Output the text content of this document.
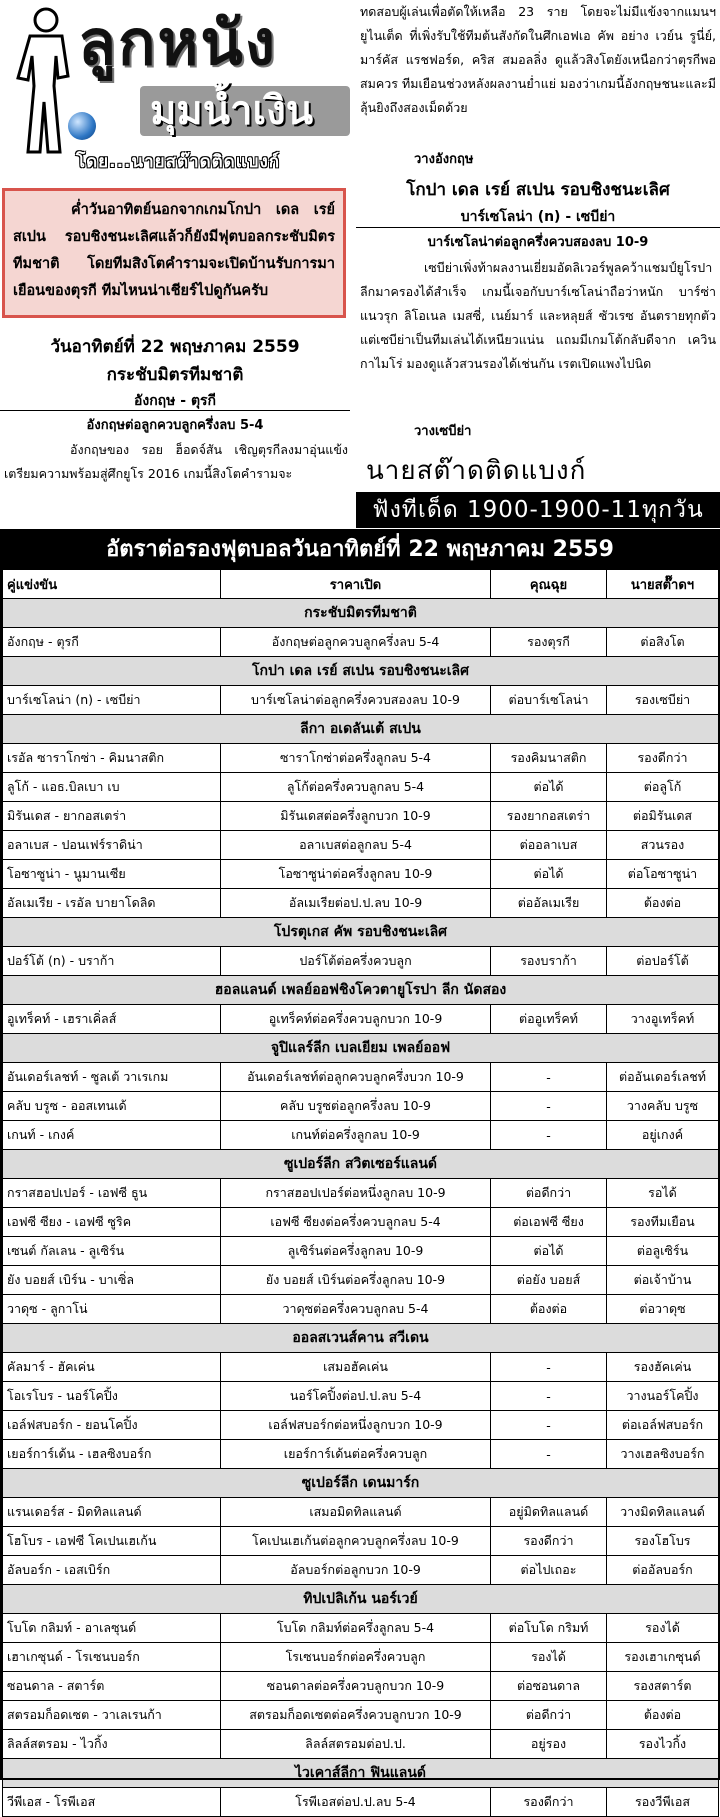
ลูกหนัง
มุมน้ำเงิน
โดย...นายสต๊าดติดแบงก์

ค่ำวันอาทิตย์นอกจากเกมโกปา เดล เรย์ สเปน รอบชิงชนะเลิศแล้วก็ยังมีฟุตบอลกระชับมิตรทีมชาติ โดยทีมสิงโตคำรามจะเปิดบ้านรับการมาเยือนของตุรกี ทีมไหนน่าเชียร์ไปดูกันครับ

วันอาทิตย์ที่ 22 พฤษภาคม 2559
กระชับมิตรทีมชาติ
อังกฤษ - ตุรกี
อังกฤษต่อลูกควบลูกครึ่งลบ 5-4

อังกฤษของ รอย ฮ็อดจ์สัน เชิญตุรกีลงมาอุ่นแข้งเตรียมความพร้อมสู่ศึกยูโร 2016 เกมนี้สิงโตคำรามจะ

ทดสอบผู้เล่นเพื่อตัดให้เหลือ 23 ราย โดยจะไม่มีแข้งจากแมนฯ ยูไนเต็ด ที่เพิ่งรับใช้ทีมต้นสังกัดในศึกเอฟเอ คัพ อย่าง เวย์น รูนี่ย์, มาร์คัส แรชฟอร์ด, คริส สมอลลิ่ง ดูแล้วสิงโตยังเหนือกว่าตุรกีพอสมควร ทีมเยือนช่วงหลังผลงานย่ำแย่ มองว่าเกมนี้อังกฤษชนะและมีลุ้นยิงถึงสองเม็ดด้วย

วางอังกฤษ
โกปา เดล เรย์ สเปน รอบชิงชนะเลิศ
บาร์เซโลน่า (n) - เซบีย่า
บาร์เซโลน่าต่อลูกครึ่งควบสองลบ 10-9

เซบีย่าเพิ่งท้าผลงานเยี่ยมอัดลิเวอร์พูลคว้าแชมป์ยูโรปา ลีกมาครองได้สำเร็จ เกมนี้เจอกับบาร์เซโลน่าถือว่าหนัก บาร์ซ่าแนวรุก ลิโอเนล เมสซี่, เนย์มาร์ และหลุยส์ ซัวเรซ อันตรายทุกตัว แต่เซบีย่าเป็นทีมเล่นได้เหนียวแน่น แถมมีเกมโต้กลับดีจาก เควิน กาไมโร่ มองดูแล้วสวนรองได้เช่นกัน เรตเปิดแพงไปนิด

วางเซบีย่า
นายสต๊าดติดแบงก์
ฟังทีเด็ด 1900-1900-11ทุกวัน
อัตราต่อรองฟุตบอลวันอาทิตย์ที่ 22 พฤษภาคม 2559
คู่แข่งขัน	ราคาเปิด	คุณฉุย	นายสต๊๊าดฯ
กระชับมิตรทีมชาติ			
อังกฤษ - ตุรกี	อังกฤษต่อลูกควบลูกครึ่งลบ 5-4	รองตุรกี	ต่อสิงโต
โกปา เดล เรย์ สเปน รอบชิงชนะเลิศ			
บาร์เซโลน่า (n) - เซบีย่า	บาร์เซโลน่าต่อลูกครึ่งควบสองลบ 10-9	ต่อบาร์เซโลน่า	รองเซบีย่า
ลีกา อเดลันเต้ สเปน			
เรอัล ซาราโกซ่า - คิมนาสติก	ซาราโกซ่าต่อครึ่งลูกลบ 5-4	รองคิมนาสติก	รองดีกว่า
ลูโก้ - แอธ.บิลเบา เบ	ลูโก้ต่อครึ่งควบลูกลบ 5-4	ต่อได้	ต่อลูโก้
มิรันเดส - ยากอสเตร่า	มิรันเดสต่อครึ่งลูกบวก 10-9	รองยากอสเตร่า	ต่อมิรันเดส
อลาเบส - ปอนเฟร์ราดิน่า	อลาเบสต่อลูกลบ 5-4	ต่ออลาเบส	สวนรอง
โอซาซูน่า - นูมานเซีย	โอซาซูน่าต่อครึ่งลูกลบ 10-9	ต่อได้	ต่อโอซาซูน่า
อัลเมเรีย - เรอัล บายาโดลิด	อัลเมเรียต่อป.ป.ลบ 10-9	ต่ออัลเมเรีย	ต้องต่อ
โปรตุเกส คัพ รอบชิงชนะเลิศ			
ปอร์โต้ (n) - บราก้า	ปอร์โต้ต่อครึ่งควบลูก	รองบราก้า	ต่อปอร์โต้
ฮอลแลนด์ เพลย์ออฟชิงโควตายูโรปา ลีก นัดสอง			
อูเทร็คท์ - เฮราเคิ่ลส์	อูเทร็คท์ต่อครึ่งควบลูกบวก 10-9	ต่ออูเทร็คท์	วางอูเทร็คท์
จูปิแลร์ลีก เบลเยียม เพลย์ออฟ			
อันเดอร์เลชท์ - ซูลเต้ วาเรเกม	อันเดอร์เลชท์ต่อลูกควบลูกครึ่งบวก 10-9	-	ต่ออันเดอร์เลชท์
คลับ บรูซ - ออสเทนเด้	คลับ บรูซต่อลูกครึ่งลบ 10-9	-	วางคลับ บรูซ
เกนท์ - เกงค์	เกนท์ต่อครึ่งลูกลบ 10-9	-	อยู่เกงค์
ซูเปอร์ลีก สวิตเซอร์แลนด์			
กราสฮอปเปอร์ - เอฟซี ธูน	กราสฮอปเปอร์ต่อหนึ่งลูกลบ 10-9	ต่อดีกว่า	รอได้
เอฟซี ซียง - เอฟซี ซูริค	เอฟซี ซียงต่อครึ่งควบลูกลบ 5-4	ต่อเอฟซี ซียง	รองทีมเยือน
เซนต์ กัลเลน - ลูเซิร์น	ลูเซิร์นต่อครึ่งลูกลบ 10-9	ต่อได้	ต่อลูเซิร์น
ยัง บอยส์ เบิร์น - บาเซิ่ล	ยัง บอยส์ เบิร์นต่อครึ่งลูกลบ 10-9	ต่อยัง บอยส์	ต่อเจ้าบ้าน
วาดุซ - ลูกาโน่	วาดุซต่อครึ่งควบลูกลบ 5-4	ต้องต่อ	ต่อวาดุซ
ออลสเวนส์คาน สวีเดน			
คัลมาร์ - ฮัคเค่น	เสมอฮัคเค่น	-	รองฮัคเค่น
โอเรโบร - นอร์โคปิ้ง	นอร์โคปิ้งต่อป.ป.ลบ 5-4	-	วางนอร์โคปิ้ง
เอล์ฟสบอร์ก - ยอนโคปิ้ง	เอล์ฟสบอร์กต่อหนึ่งลูกบวก 10-9	-	ต่อเอล์ฟสบอร์ก
เยอร์การ์เด้น - เฮลซิงบอร์ก	เยอร์การ์เด้นต่อครึ่งควบลูก	-	วางเฮลซิงบอร์ก
ซูเปอร์ลีก เดนมาร์ก			
แรนเดอร์ส - มิดทิลแลนด์	เสมอมิดทิลแลนด์	อยู่มิดทิลแลนด์	วางมิดทิลแลนด์
โฮโบร - เอฟซี โคเปนเฮเก้น	โคเปนเฮเก้นต่อลูกควบลูกครึ่งลบ 10-9	รองดีกว่า	รองโฮโบร
อัลบอร์ก - เอสเบิร์ก	อัลบอร์กต่อลูกบวก 10-9	ต่อไปเถอะ	ต่ออัลบอร์ก
ทิปเปลิเก้น นอร์เวย์			
โบโด กลิมท์ - อาเลซุนด์	โบโด กลิมท์ต่อครึ่งลูกลบ 5-4	ต่อโบโด กริมท์	รองได้
เฮาเกซุนด์ - โรเซนบอร์ก	โรเซนบอร์กต่อครึ่งควบลูก	รองได้	รองเฮาเกซุนด์
ซอนดาล - สตาร์ต	ซอนดาลต่อครึ่งควบลูกบวก 10-9	ต่อซอนดาล	รองสตาร์ต
สตรอมก็อดเซต - วาเลเรนก้า	สตรอมก็อดเซตต่อครึ่งควบลูกบวก 10-9	ต่อดีกว่า	ต้องต่อ
ลิลล์สตรอม - ไวกิ้ง	ลิลล์สตรอมต่อป.ป.	อยู่รอง	รองไวกิ้ง
ไวเคาส์ลีกา ฟินแลนด์			
วีพีเอส - โรพีเอส	โรพีเอสต่อป.ป.ลบ 5-4	รองดีกว่า	รองวีพีเอส
